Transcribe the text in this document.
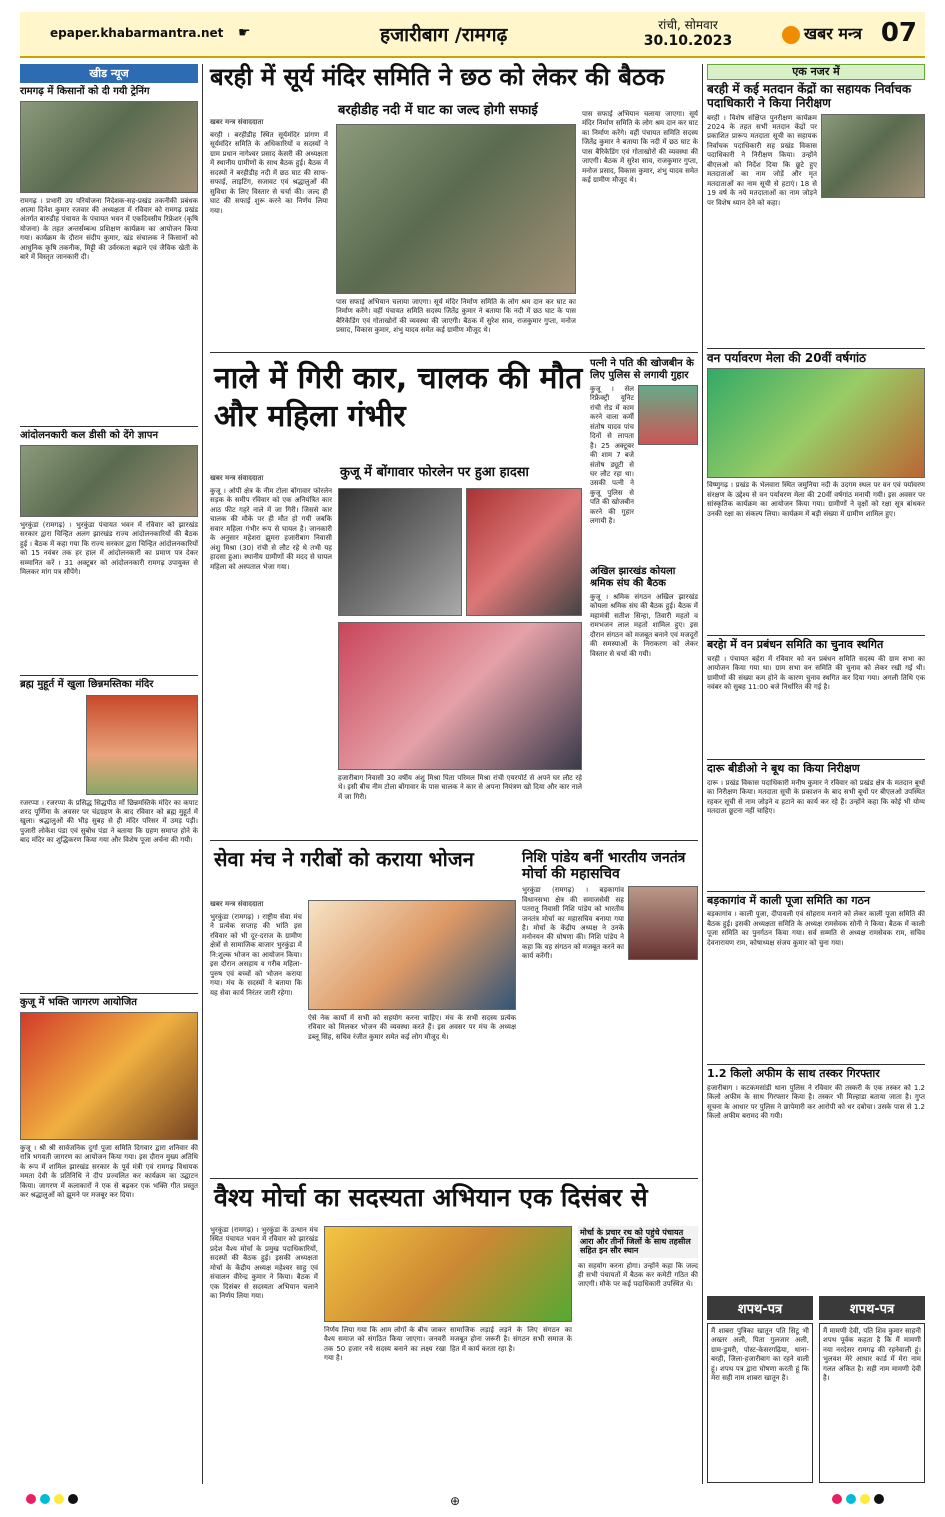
epaper.khabarmantra.net ☛	हजारीबाग /रामगढ़	रांची, सोमवार
30.10.2023	खबर मन्त्र 07
खीड न्यूज
रामगढ़ में किसानों को दी गयी ट्रेनिंग
रामगढ़ । प्रभारी उप परियोजना निदेशक-सह-प्रखंड तकनीकी प्रबंधक आत्मा दिनेश कुमार रजवार की अध्यक्षता में रविवार को रामगढ़ प्रखंड अंतर्गत बारुडीह पंचायत के पंचायत भवन में एकदिवसीय रिफ्रेशर (कृषि योजना) के तहत अन्तर्सम्बन्ध प्रशिक्षण कार्यक्रम का आयोजन किया गया। कार्यक्रम के दौरान संदीप कुमार, खंड संचालक ने किसानों को आधुनिक कृषि तकनीक, मिट्टी की उर्वरकता बढ़ाने एवं जैविक खेती के बारे में विस्तृत जानकारी दी।
आंदोलनकारी कल डीसी को देंगे ज्ञापन
भुरकुंडा (रामगढ़) । भुरकुंडा पंचायत भवन में रविवार को झारखंड सरकार द्वारा चिन्हित अलग झारखंड राज्य आंदोलनकारियों की बैठक हुई । बैठक में कहा गया कि राज्य सरकार द्वारा चिन्हित आंदोलनकारियों को 15 नवंबर तक हर हाल में आंदोलनकारी का प्रमाण पत्र देकर सम्मानित करें । 31 अक्टूबर को आंदोलनकारी रामगढ़ उपायुक्त से मिलकर मांग पत्र सौंपेंगे।
ब्रह्म मुहूर्त में खुला छिन्नमस्तिका मंदिर
रजरप्पा । रजरप्पा के प्रसिद्ध सिद्धपीठ माँ छिन्नमस्तिके मंदिर का कपाट शरद पूर्णिमा के अवसर पर चंद्रग्रहण के बाद रविवार को ब्रह्म मुहूर्त में खुला। श्रद्धालुओं की भीड़ सुबह से ही मंदिर परिसर में उमड़ पड़ी। पुजारी लोकेश पंडा एवं सुबोध पंडा ने बताया कि ग्रहण समाप्त होने के बाद मंदिर का शुद्धिकरण किया गया और विशेष पूजा अर्चना की गयी।
कुजू में भक्ति जागरण आयोजित
कुजू । श्री श्री सार्वजनिक दुर्गा पूजा समिति दिगवार द्वारा शनिवार की रात्रि भगवती जागरण का आयोजन किया गया। इस दौरान मुख्य अतिथि के रूप में शामिल झारखंड सरकार के पूर्व मंत्री एवं रामगढ़ विधायक ममता देवी के प्रतिनिधि ने दीप प्रज्वलित कर कार्यक्रम का उद्घाटन किया। जागरण में कलाकारों ने एक से बढ़कर एक भक्ति गीत प्रस्तुत कर श्रद्धालुओं को झूमने पर मजबूर कर दिया।
बरही में सूर्य मंदिर समिति ने छठ को लेकर की बैठक
बरहीडीह नदी में घाट का जल्द होगी सफाई
खबर मन्त्र संवाददाता
बरही । बरहीडीह स्थित सूर्यमंदिर प्रांगण में सूर्यमंदिर समिति के अधिकारियों व सदस्यों ने ग्राम प्रधान नागेश्वर प्रसाद केसरी की अध्यक्षता में स्थानीय ग्रामीणों के साथ बैठक हुई। बैठक में सदस्यों ने बरहीडीह नदी में छठ घाट की साफ-सफाई, लाइटिंग, सजावट एवं श्रद्धालुओं की सुविधा के लिए विस्तार से चर्चा की। जल्द ही घाट की सफाई शुरू करने का निर्णय लिया गया।
पास सफाई अभियान चलाया जाएगा। सूर्य मंदिर निर्माण समिति के लोग श्रम दान कर घाट का निर्माण करेंगे। वहीं पंचायत समिति सदस्य जितेंद्र कुमार ने बताया कि नदी में छठ घाट के पास बैरिकेडिंग एवं गोताखोरों की व्यवस्था की जाएगी। बैठक में सुरेश साव, राजकुमार गुप्ता, मनोज प्रसाद, विकास कुमार, शंभु यादव समेत कई ग्रामीण मौजूद थे।
पास सफाई अभियान चलाया जाएगा। सूर्य मंदिर निर्माण समिति के लोग श्रम दान कर घाट का निर्माण करेंगे। वहीं पंचायत समिति सदस्य जितेंद्र कुमार ने बताया कि नदी में छठ घाट के पास बैरिकेडिंग एवं गोताखोरों की व्यवस्था की जाएगी। बैठक में सुरेश साव, राजकुमार गुप्ता, मनोज प्रसाद, विकास कुमार, शंभु यादव समेत कई ग्रामीण मौजूद थे।
नाले में गिरी कार, चालक की मौत और महिला गंभीर
पत्नी ने पति की खोजबीन के लिए पुलिस से लगायी गुहार
कुजू । सेल रिफ्रैक्ट्री यूनिट रांची रोड में काम करने वाला कर्मी संतोष यादव पांच दिनों से लापता है। 25 अक्टूबर की शाम 7 बजे संतोष ड्यूटी से घर लौट रहा था। उसकी पत्नी ने कुजू पुलिस से पति की खोजबीन करने की गुहार लगायी है।
कुजू में बोंगावार फोरलेन पर हुआ हादसा
खबर मन्त्र संवाददाता
कुजू । ओपी क्षेत्र के नीम टोला बोंगावार फोरलेन सड़क के समीप रविवार को एक अनियंत्रित कार आठ फीट गहरे नाले में जा गिरी। जिससे कार चालक की मौके पर ही मौत हो गयी जबकि सवार महिला गंभीर रूप से घायल है। जानकारी के अनुसार महेशरा झुमरा हजारीबाग निवासी अंशु मिश्रा (30) रांची से लौट रहे थे तभी यह हादसा हुआ। स्थानीय ग्रामीणों की मदद से घायल महिला को अस्पताल भेजा गया।
हजारीबाग निवासी 30 वर्षीय अंशु मिश्रा पिता परिमल मिश्रा रांची एयरपोर्ट से अपने घर लौट रहे थे। इसी बीच नीम टोला बोंगावार के पास चालक ने कार से अपना नियंत्रण खो दिया और कार नाले में जा गिरी।
अखिल झारखंड कोयला श्रमिक संघ की बैठक
कुजू । श्रमिक संगठन अखिल झारखंड कोयला श्रमिक संघ की बैठक हुई। बैठक में महामंत्री सतीश सिन्हा, तिवारी महतो व रामभजन लाल महतो शामिल हुए। इस दौरान संगठन को मजबूत बनाने एवं मजदूरों की समस्याओं के निराकरण को लेकर विस्तार से चर्चा की गयी।
सेवा मंच ने गरीबों को कराया भोजन
खबर मन्त्र संवाददाता
भुरकुंडा (रामगढ़) । राष्ट्रीय सेवा मंच ने प्रत्येक सप्ताह की भांति इस रविवार को भी दूर-दराज के ग्रामीण क्षेत्रों से सामाजिक बाजार भुरकुंडा में नि:शुल्क भोजन का आयोजन किया। इस दौरान असहाय व गरीब महिला-पुरुष एवं बच्चों को भोजन कराया गया। मंच के सदस्यों ने बताया कि यह सेवा कार्य निरंतर जारी रहेगा।
ऐसे नेक कार्यों में सभी को सहयोग करना चाहिए। मंच के सभी सदस्य प्रत्येक रविवार को मिलकर भोजन की व्यवस्था करते हैं। इस अवसर पर मंच के अध्यक्ष डब्लू सिंह, सचिव रंजीत कुमार समेत कई लोग मौजूद थे।
निशि पांडेय बनीं भारतीय जनतंत्र मोर्चा की महासचिव
भुरकुंडा (रामगढ़) । बड़कागांव विधानसभा क्षेत्र की समाजसेवी सह पतरातू निवासी निशि पांडेय को भारतीय जनतंत्र मोर्चा का महासचिव बनाया गया है। मोर्चा के केंद्रीय अध्यक्ष ने उनके मनोनयन की घोषणा की। निशि पांडेय ने कहा कि वह संगठन को मजबूत करने का कार्य करेंगी।
वैश्य मोर्चा का सदस्यता अभियान एक दिसंबर से
भुरकुंडा (रामगढ़) । भुरकुंडा के उत्थान मंच स्थित पंचायत भवन में रविवार को झारखंड प्रदेश वैश्य मोर्चा के प्रमुख पदाधिकारियों, सदस्यों की बैठक हुई। इसकी अध्यक्षता मोर्चा के केंद्रीय अध्यक्ष महेश्वर साहु एवं संचालन वीरेन्द्र कुमार ने किया। बैठक में एक दिसंबर से सदस्यता अभियान चलाने का निर्णय लिया गया।
निर्णय लिया गया कि आम लोगों के बीच जाकर वैश्य समाज को संगठित किया जाएगा। जनवरी तक 50 हजार नये सदस्य बनाने का लक्ष्य रखा गया है।
सामाजिक लड़ाई लड़ने के लिए संगठन का मजबूत होना जरूरी है। संगठन सभी समाज के हित में कार्य करता रहा है।
मोर्चा के प्रचार रथ को पहुंचे पंचायत आरा और तीनों जिलों के साथ तहसील सहित इन सौर स्थान
का सहयोग करना होगा। उन्होंने कहा कि जल्द ही सभी पंचायतों में बैठक कर कमेटी गठित की जाएगी। मौके पर कई पदाधिकारी उपस्थित थे।
एक नजर में
बरही में कई मतदान केंद्रों का सहायक निर्वाचक पदाधिकारी ने किया निरीक्षण
बरही । विशेष संक्षिप्त पुनरीक्षण कार्यक्रम 2024 के तहत सभी मतदान केंद्रों पर प्रकाशित प्रारूप मतदाता सूची का सहायक निर्वाचक पदाधिकारी सह प्रखंड विकास पदाधिकारी ने निरीक्षण किया। उन्होंने बीएलओ को निर्देश दिया कि छूटे हुए मतदाताओं का नाम जोड़ें और मृत मतदाताओं का नाम सूची से हटाएं। 18 से 19 वर्ष के नये मतदाताओं का नाम जोड़ने पर विशेष ध्यान देने को कहा।
वन पर्यावरण मेला की 20वीं वर्षगांठ
विष्णुगढ़ । प्रखंड के भेलवारा स्थित जमुनिया नदी के उदगम स्थल पर वन एवं पर्यावरण संरक्षण के उद्देश्य से वन पर्यावरण मेला की 20वीं वर्षगांठ मनायी गयी। इस अवसर पर सांस्कृतिक कार्यक्रम का आयोजन किया गया। ग्रामीणों ने वृक्षों को रक्षा सूत्र बांधकर उनकी रक्षा का संकल्प लिया। कार्यक्रम में बड़ी संख्या में ग्रामीण शामिल हुए।
बरहेा में वन प्रबंधन समिति का चुनाव स्थगित
चरही । पंचायत बहेरा में रविवार को वन प्रबंधन समिति सदस्य की ग्राम सभा का आयोजन किया गया था। ग्राम सभा वन समिति की चुनाव को लेकर रखी गई थी। ग्रामीणों की संख्या कम होने के कारण चुनाव स्थगित कर दिया गया। अगली तिथि एक नवंबर को सुबह 11:00 बजे निर्धारित की गई है।
दारू बीडीओ ने बूथ का किया निरीक्षण
दारू । प्रखंड विकास पदाधिकारी मनीष कुमार ने रविवार को प्रखंड क्षेत्र के मतदान बूथों का निरीक्षण किया। मतदाता सूची के प्रकाशन के बाद सभी बूथों पर बीएलओ उपस्थित रहकर सूची से नाम जोड़ने व हटाने का कार्य कर रहे हैं। उन्होंने कहा कि कोई भी योग्य मतदाता छूटना नहीं चाहिए।
बड़कागांव में काली पूजा समिति का गठन
बड़कागांव । काली पूजा, दीपावली एवं सोहराय मनाने को लेकर काली पूजा समिति की बैठक हुई। इसकी अध्यक्षता समिति के अध्यक्ष रामसेवक सोनी ने किया। बैठक में काली पूजा समिति का पुनर्गठन किया गया। सर्व सम्मति से अध्यक्ष रामसेवक राम, सचिव देवनारायण राम, कोषाध्यक्ष संजय कुमार को चुना गया।
1.2 किलो अफीम के साथ तस्कर गिरफ्तार
हजारीबाग । कटकमसांडी थाना पुलिस ने रविवार की तस्करी के एक तस्कर को 1.2 किलो अफीम के साथ गिरफ्तार किया है। तस्कर भी मिल्हाडा बताया जाता है। गुप्त सूचना के आधार पर पुलिस ने छापेमारी कर आरोपी को धर दबोचा। उसके पास से 1.2 किलो अफीम बरामद की गयी।
शपथ-पत्र
मैं शाबरा पुत्रिका खातून पति सिटू भी अख्तर अली, पिता गुलजार अली, ग्राम-डुमरी, पोस्ट-केसरगढ़िया, थाना-बरही, जिला-हजारीबाग का रहने वाली हूं। शपथ पत्र द्वारा घोषणा करती हूं कि मेरा सही नाम शाबरा खातून है।
शपथ-पत्र
मैं मामणी देवी, पति शिव कुमार साहनी शपथ पूर्वक कहता है कि मैं मामणी नया नरदेसर रामगढ़ की रहनेवाली हूं। भुलवश मेरे आधार कार्ड में मेरा नाम गलत अंकित है। सही नाम मामणी देवी है।
⊕
